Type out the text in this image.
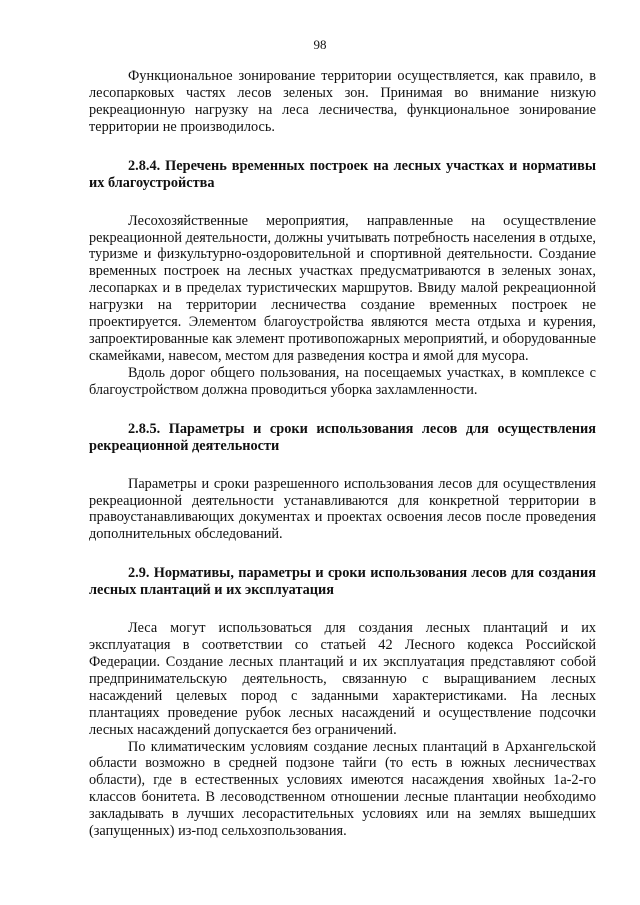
98

Функциональное зонирование территории осуществляется, как правило, в лесопарковых частях лесов зеленых зон. Принимая во внимание низкую рекреационную нагрузку на леса лесничества, функциональное зонирование территории не производилось.

2.8.4. Перечень временных построек на лесных участках и нормативы их благоустройства

Лесохозяйственные мероприятия, направленные на осуществление рекреационной деятельности, должны учитывать потребность населения в отдыхе, туризме и физкультурно-оздоровительной и спортивной деятельности. Создание временных построек на лесных участках предусматриваются в зеленых зонах, лесопарках и в пределах туристических маршрутов. Ввиду малой рекреационной нагрузки на территории лесничества создание временных построек не проектируется. Элементом благоустройства являются места отдыха и курения, запроектированные как элемент противопожарных мероприятий, и оборудованные скамейками, навесом, местом для разведения костра и ямой для мусора.

Вдоль дорог общего пользования, на посещаемых участках, в комплексе с благоустройством должна проводиться уборка захламленности.

2.8.5. Параметры и сроки использования лесов для осуществления рекреационной деятельности

Параметры и сроки разрешенного использования лесов для осуществления рекреационной деятельности устанавливаются для конкретной территории в правоустанавливающих документах и проектах освоения лесов после проведения дополнительных обследований.

2.9. Нормативы, параметры и сроки использования лесов для создания лесных плантаций и их эксплуатация

Леса могут использоваться для создания лесных плантаций и их эксплуатация в соответствии со статьей 42 Лесного кодекса Российской Федерации. Создание лесных плантаций и их эксплуатация представляют собой предпринимательскую деятельность, связанную с выращиванием лесных насаждений целевых пород с заданными характеристиками. На лесных плантациях проведение рубок лесных насаждений и осуществление подсочки лесных насаждений допускается без ограничений.

По климатическим условиям создание лесных плантаций в Архангельской области возможно в средней подзоне тайги (то есть в южных лесничествах области), где в естественных условиях имеются насаждения хвойных 1а-2-го классов бонитета. В лесоводственном отношении лесные плантации необходимо закладывать в лучших лесорастительных условиях или на землях вышедших (запущенных) из-под сельхозпользования.
